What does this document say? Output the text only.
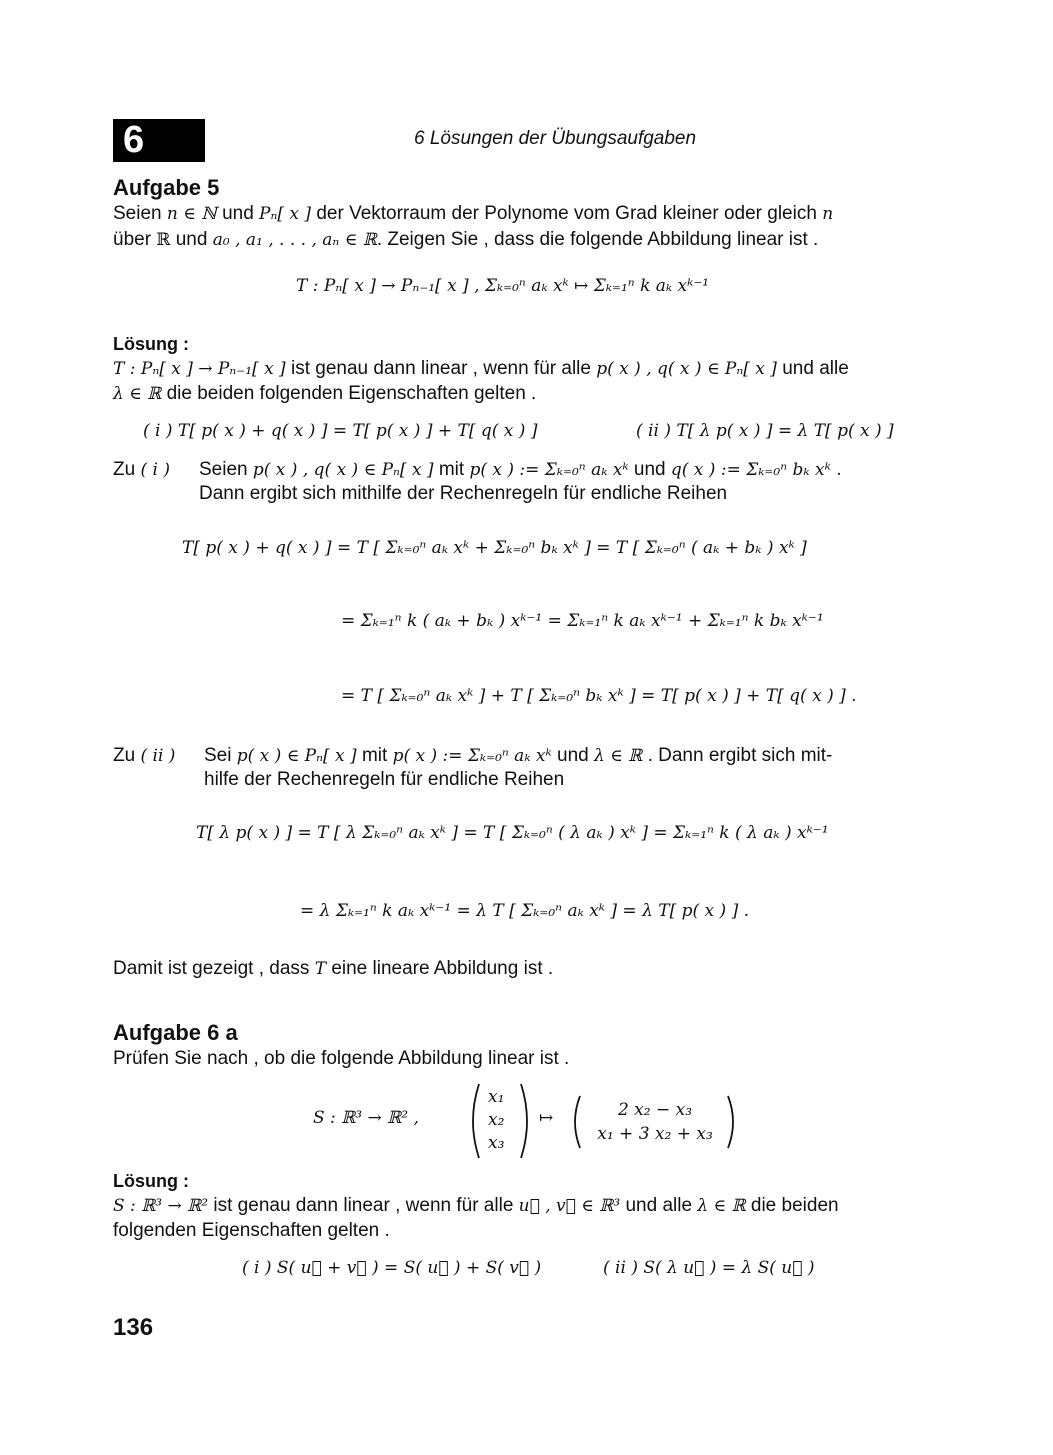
6	6 Lösungen der Übungsaufgaben
Aufgabe 5
Seien n ∈ ℕ und Pₙ[ x ] der Vektorraum der Polynome vom Grad kleiner oder gleich n
über ℝ und a₀ , a₁ , . . . , aₙ ∈ ℝ. Zeigen Sie , dass die folgende Abbildung linear ist .
T : Pₙ[ x ] → Pₙ₋₁[ x ] , Σₖ₌₀ⁿ aₖ xᵏ ↦ Σₖ₌₁ⁿ k aₖ xᵏ⁻¹
Lösung :
T : Pₙ[ x ] → Pₙ₋₁[ x ] ist genau dann linear , wenn für alle p( x ) , q( x ) ∈ Pₙ[ x ] und alle
λ ∈ ℝ die beiden folgenden Eigenschaften gelten .
( i ) T[ p( x ) + q( x ) ] = T[ p( x ) ] + T[ q( x ) ]	( ii ) T[ λ p( x ) ] = λ T[ p( x ) ]
Zu ( i ) Seien p( x ) , q( x ) ∈ Pₙ[ x ] mit p( x ) := Σₖ₌₀ⁿ aₖ xᵏ und q( x ) := Σₖ₌₀ⁿ bₖ xᵏ .
Dann ergibt sich mithilfe der Rechenregeln für endliche Reihen
T[ p( x ) + q( x ) ] = T [ Σₖ₌₀ⁿ aₖ xᵏ + Σₖ₌₀ⁿ bₖ xᵏ ] = T [ Σₖ₌₀ⁿ ( aₖ + bₖ ) xᵏ ]
= Σₖ₌₁ⁿ k ( aₖ + bₖ ) xᵏ⁻¹ = Σₖ₌₁ⁿ k aₖ xᵏ⁻¹ + Σₖ₌₁ⁿ k bₖ xᵏ⁻¹
= T [ Σₖ₌₀ⁿ aₖ xᵏ ] + T [ Σₖ₌₀ⁿ bₖ xᵏ ] = T[ p( x ) ] + T[ q( x ) ] .
Zu ( ii ) Sei p( x ) ∈ Pₙ[ x ] mit p( x ) := Σₖ₌₀ⁿ aₖ xᵏ und λ ∈ ℝ . Dann ergibt sich mit-
hilfe der Rechenregeln für endliche Reihen
T[ λ p( x ) ] = T [ λ Σₖ₌₀ⁿ aₖ xᵏ ] = T [ Σₖ₌₀ⁿ ( λ aₖ ) xᵏ ] = Σₖ₌₁ⁿ k ( λ aₖ ) xᵏ⁻¹
= λ Σₖ₌₁ⁿ k aₖ xᵏ⁻¹ = λ T [ Σₖ₌₀ⁿ aₖ xᵏ ] = λ T[ p( x ) ] .
Damit ist gezeigt , dass T eine lineare Abbildung ist .
Aufgabe 6 a
Prüfen Sie nach , ob die folgende Abbildung linear ist .
S : ℝ³ → ℝ² ,
x₁
x₂
x₃
↦	2 x₂ − x₃
x₁ + 3 x₂ + x₃
Lösung :
S : ℝ³ → ℝ² ist genau dann linear , wenn für alle u⃗ , v⃗ ∈ ℝ³ und alle λ ∈ ℝ die beiden
folgenden Eigenschaften gelten .
( i ) S( u⃗ + v⃗ ) = S( u⃗ ) + S( v⃗ )	( ii ) S( λ u⃗ ) = λ S( u⃗ )
136
